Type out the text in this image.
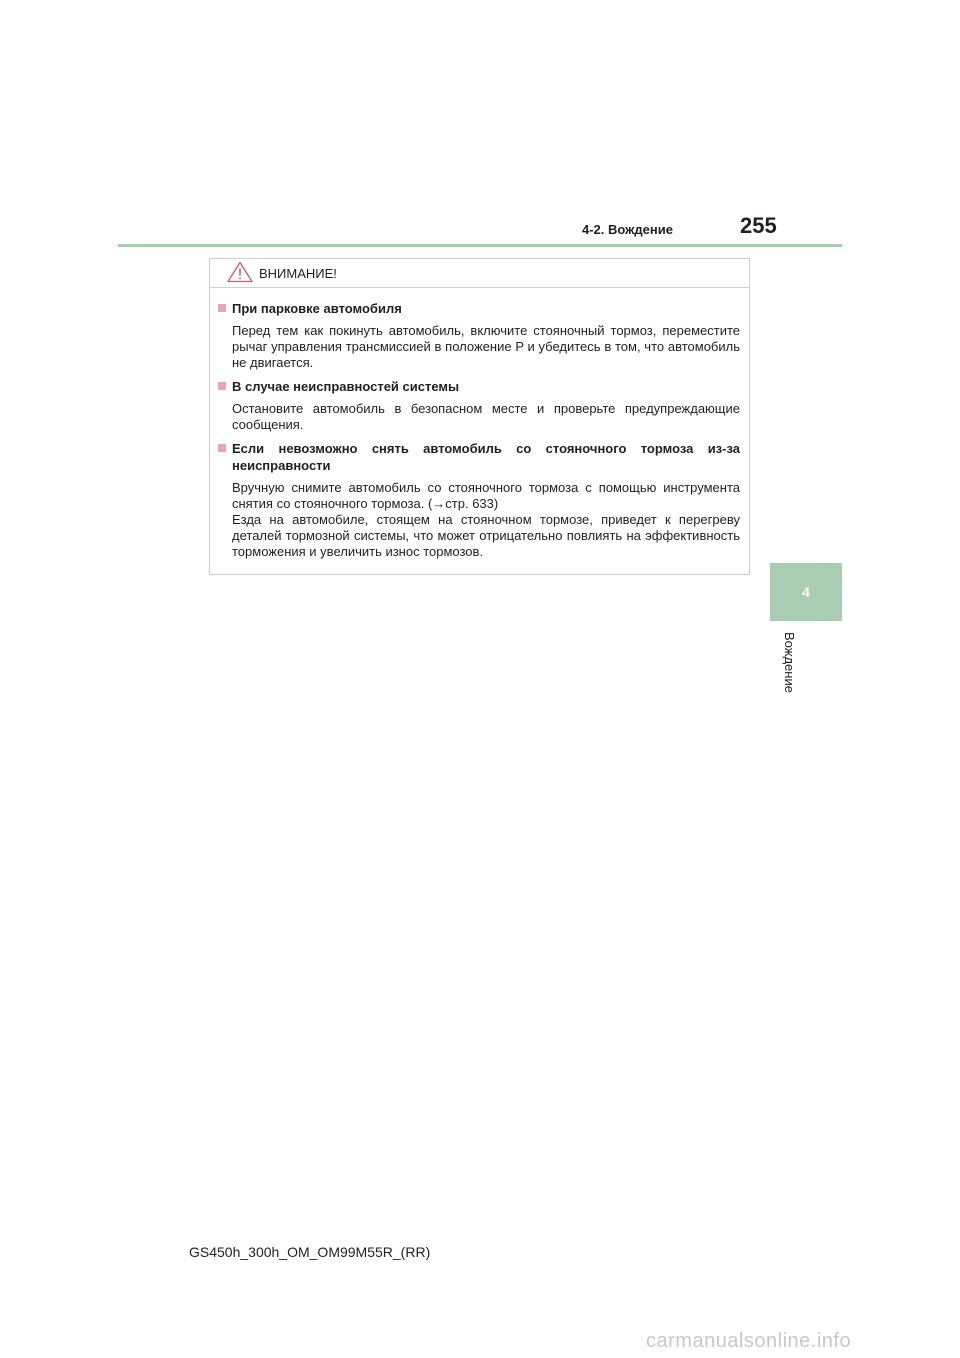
4-2. Вождение	255
4
Вождение
ВНИМАНИЕ!
При парковке автомобиля

Перед тем как покинуть автомобиль, включите стояночный тормоз, переместите рычаг управления трансмиссией в положение P и убедитесь в том, что автомобиль не двигается.

В случае неисправностей системы

Остановите автомобиль в безопасном месте и проверьте предупреждающие сообщения.

Если невозможно снять автомобиль со стояночного тормоза из-за неисправности

Вручную снимите автомобиль со стояночного тормоза с помощью инструмента снятия со стояночного тормоза. (→стр. 633)

Езда на автомобиле, стоящем на стояночном тормозе, приведет к перегреву деталей тормозной системы, что может отрицательно повлиять на эффективность торможения и увеличить износ тормозов.

GS450h_300h_OM_OM99M55R_(RR)
carmanualsonline.info
